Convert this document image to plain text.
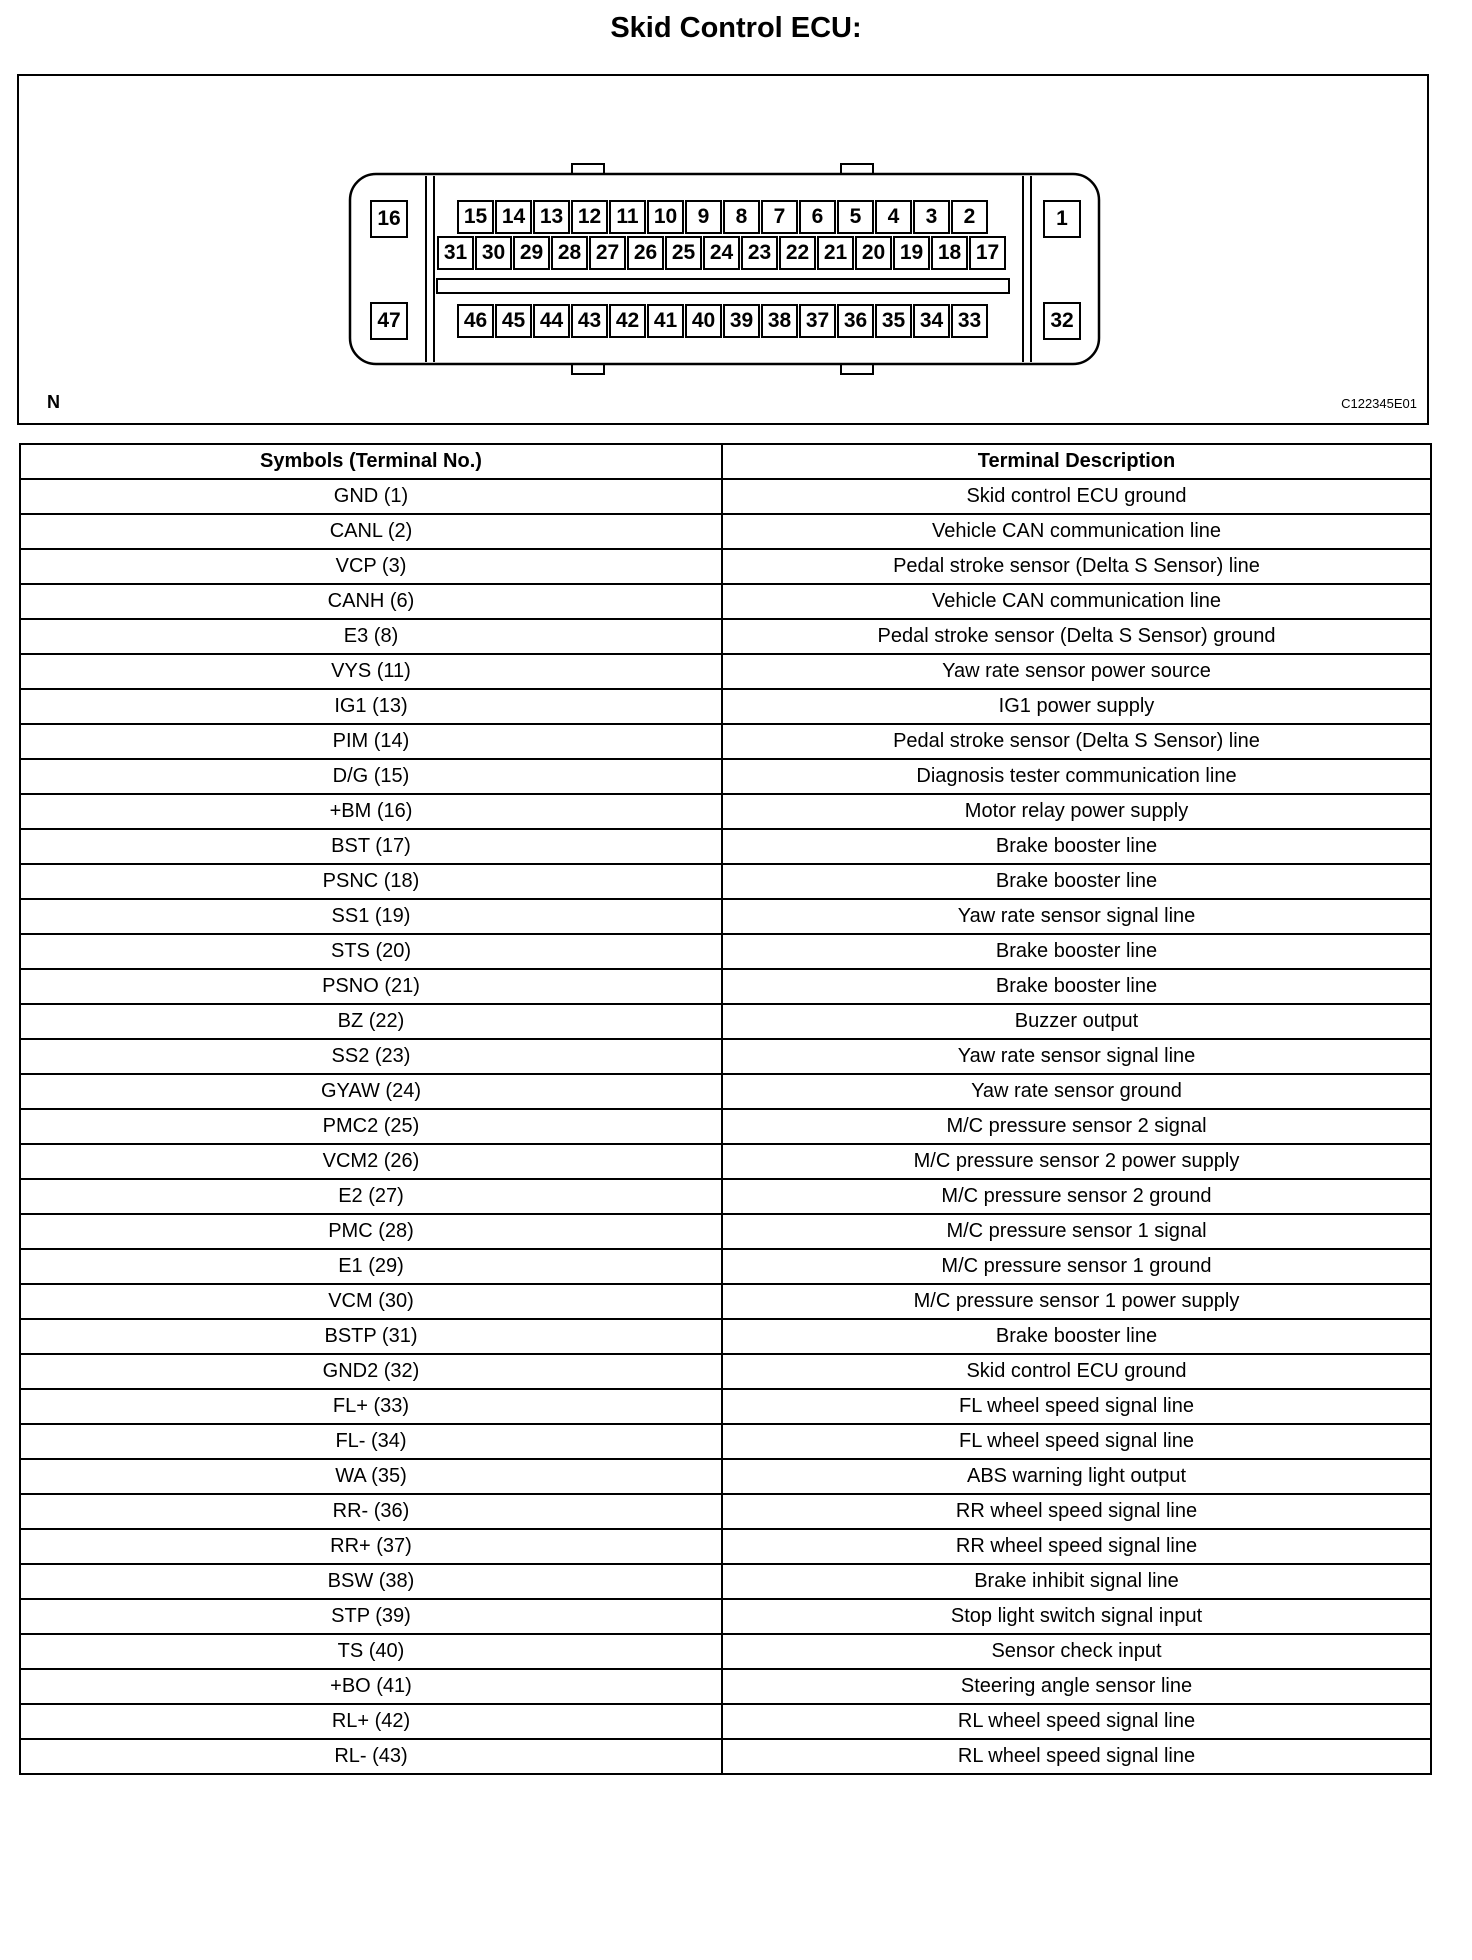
Skid Control ECU:
16
47
1
32
15 14 13 12 11 10 9	8	7	6	5	4	3	2
31 30 29 28 27 26 25 24 23 22 21 20 19 18 17
46 45 44 43 42 41 40 39 38 37 36 35 34 33
N	C122345E01
Symbols (Terminal No.)	Terminal Description
GND (1)	Skid control ECU ground
CANL (2)	Vehicle CAN communication line
VCP (3)	Pedal stroke sensor (Delta S Sensor) line
CANH (6)	Vehicle CAN communication line
E3 (8)	Pedal stroke sensor (Delta S Sensor) ground
VYS (11)	Yaw rate sensor power source
IG1 (13)	IG1 power supply
PIM (14)	Pedal stroke sensor (Delta S Sensor) line
D/G (15)	Diagnosis tester communication line
+BM (16)	Motor relay power supply
BST (17)	Brake booster line
PSNC (18)	Brake booster line
SS1 (19)	Yaw rate sensor signal line
STS (20)	Brake booster line
PSNO (21)	Brake booster line
BZ (22)	Buzzer output
SS2 (23)	Yaw rate sensor signal line
GYAW (24)	Yaw rate sensor ground
PMC2 (25)	M/C pressure sensor 2 signal
VCM2 (26)	M/C pressure sensor 2 power supply
E2 (27)	M/C pressure sensor 2 ground
PMC (28)	M/C pressure sensor 1 signal
E1 (29)	M/C pressure sensor 1 ground
VCM (30)	M/C pressure sensor 1 power supply
BSTP (31)	Brake booster line
GND2 (32)	Skid control ECU ground
FL+ (33)	FL wheel speed signal line
FL- (34)	FL wheel speed signal line
WA (35)	ABS warning light output
RR- (36)	RR wheel speed signal line
RR+ (37)	RR wheel speed signal line
BSW (38)	Brake inhibit signal line
STP (39)	Stop light switch signal input
TS (40)	Sensor check input
+BO (41)	Steering angle sensor line
RL+ (42)	RL wheel speed signal line
RL- (43)	RL wheel speed signal line
